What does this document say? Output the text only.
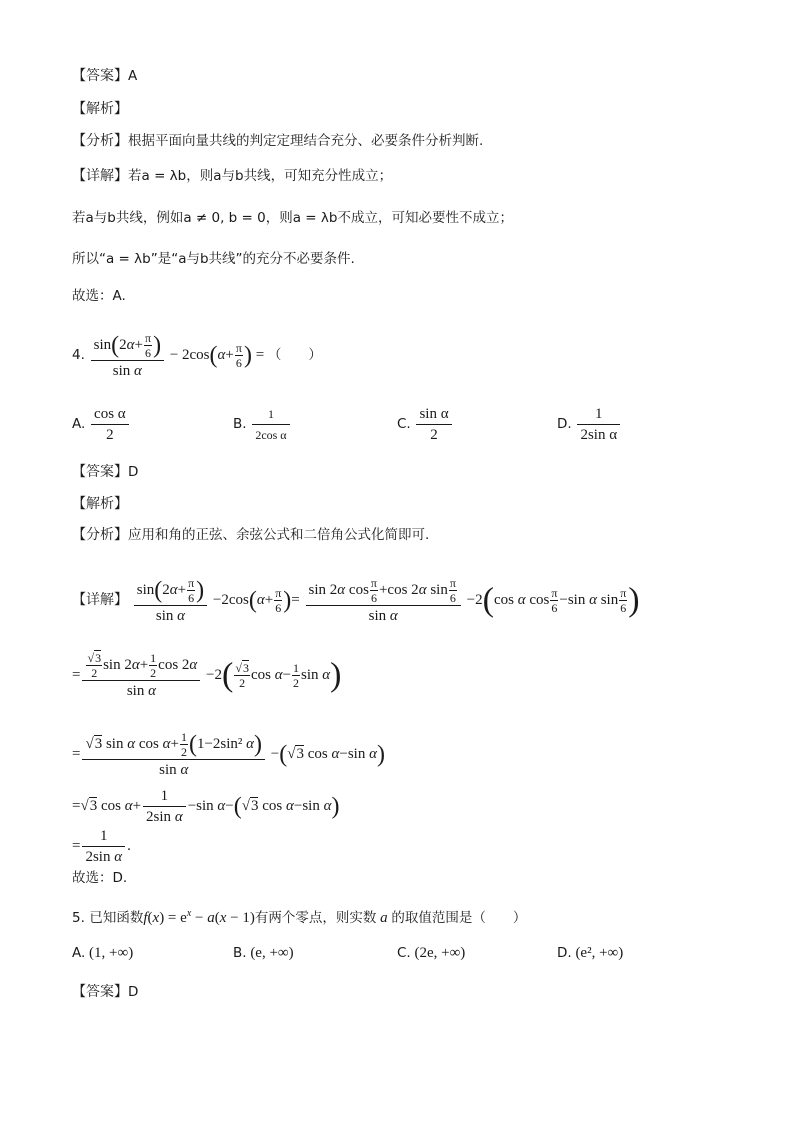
【答案】A
【解析】
【分析】根据平面向量共线的判定定理结合充分、必要条件分析判断.
【详解】若a = λb，则a与b共线，可知充分性成立；
若a与b共线，例如a ≠ 0, b = 0，则a = λb不成立，可知必要性不成立；
所以“a = λb”是“a与b共线”的充分不必要条件.
故选：A.
4. $\frac{\sin(2\alpha+ \frac{\pi}{6} )}{\text{sin α}} - 2\cos(\alpha+ \frac{\pi}{6}$ ) = （　　）
A. $\frac{\text{cos α}}{2}$	B. $\frac{1}{\text{2cos α}}$	C. $\frac{\text{sin α}}{2}$	D. $\frac{1}{\text{2sin α}}$
【答案】D
【解析】
【分析】应用和角的正弦、余弦公式和二倍角公式化简即可.
【详解】 $\frac{\sin(2\alpha+ \frac{\pi}{6} )}{\text{sin α}} -2\cos(\alpha+ \frac{\pi}{6}$ )= $\frac{\sin 2\alpha \cos \frac{\pi}{6} +\cos 2\alpha \sin \frac{\pi}{6}}{\text{sin α}} -2(\cos$ α $\cos \frac{\pi}{6} -\sin$ α $\sin \frac{\pi}{6}$ )
= $\frac{\frac{√3}{2} \sin 2\alpha+ \frac{1}{2} \cos 2\alpha}{\text{sin α}} -2( \frac{√3}{2}$ $\cos \alpha- \frac{1}{2}$ sin α)
= $\frac{√3 \sin \alpha \cos \alpha+ \frac{1}{2} (1-2\sin^2 \alpha)}{\text{sin α}} -(√3$ cos α−sin α)
=√3 $\cos \alpha+ \frac{1}{\text{2sin α}} -\sin$ α−(√3 cos α−sin α)
= $\frac{1}{\text{2sin α}}$ .
故选：D.
5. 已知函数$f(x) = e^x - a(x - 1)$有两个零点，则实数 a 的取值范围是（　　）
A. (1, +∞)	B. (e, +∞)	C. (2e, +∞)	D. (e², +∞)
【答案】D
